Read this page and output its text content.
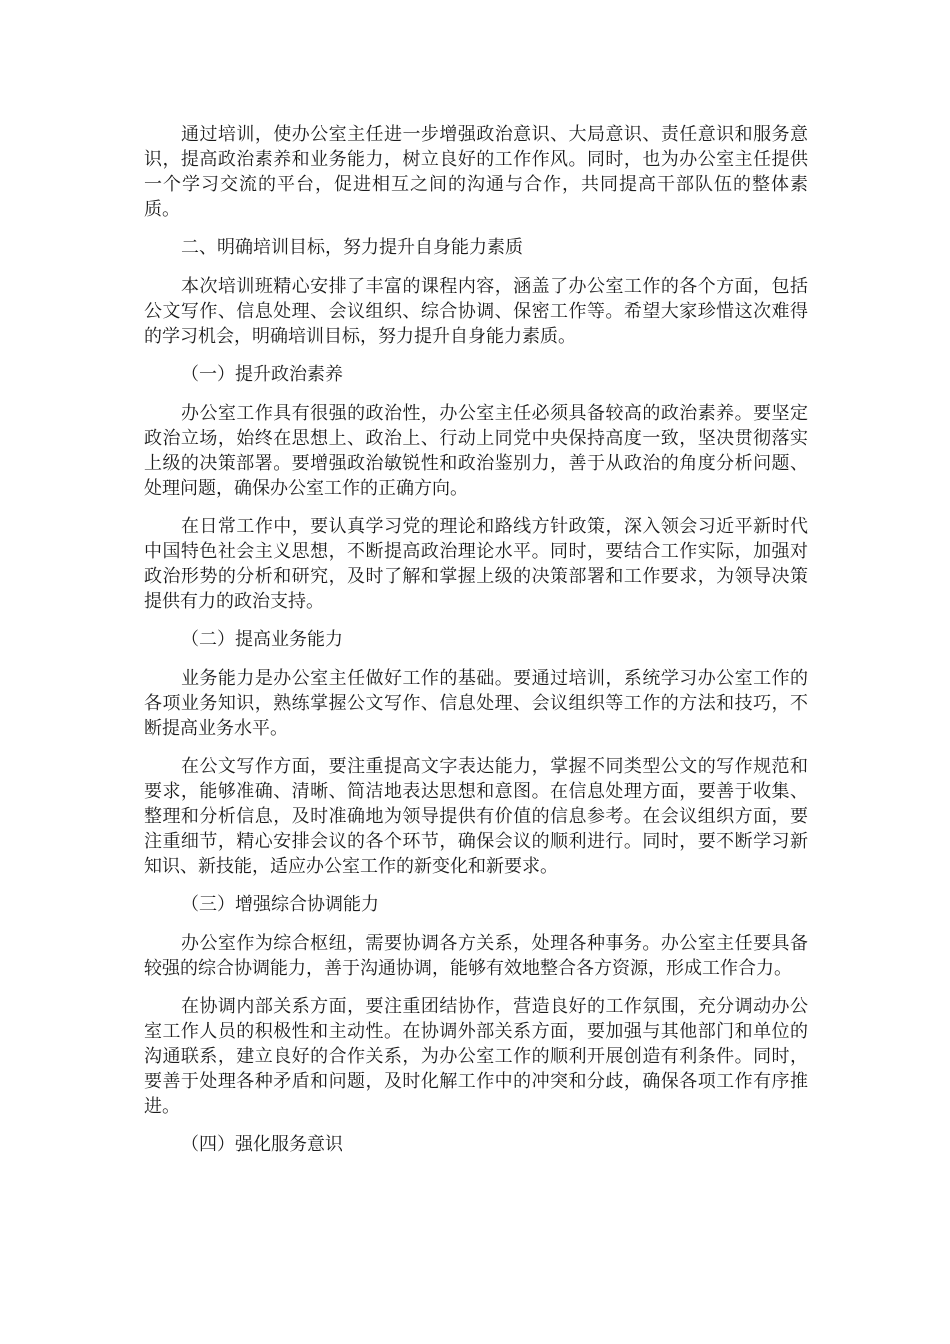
通过培训，使办公室主任进一步增强政治意识、大局意识、责任意识和服务意识，提高政治素养和业务能力，树立良好的工作作风。同时，也为办公室主任提供一个学习交流的平台，促进相互之间的沟通与合作，共同提高干部队伍的整体素质。

二、明确培训目标，努力提升自身能力素质

本次培训班精心安排了丰富的课程内容，涵盖了办公室工作的各个方面，包括公文写作、信息处理、会议组织、综合协调、保密工作等。希望大家珍惜这次难得的学习机会，明确培训目标，努力提升自身能力素质。

（一）提升政治素养

办公室工作具有很强的政治性，办公室主任必须具备较高的政治素养。要坚定政治立场，始终在思想上、政治上、行动上同党中央保持高度一致，坚决贯彻落实上级的决策部署。要增强政治敏锐性和政治鉴别力，善于从政治的角度分析问题、处理问题，确保办公室工作的正确方向。

在日常工作中，要认真学习党的理论和路线方针政策，深入领会习近平新时代中国特色社会主义思想，不断提高政治理论水平。同时，要结合工作实际，加强对政治形势的分析和研究，及时了解和掌握上级的决策部署和工作要求，为领导决策提供有力的政治支持。

（二）提高业务能力

业务能力是办公室主任做好工作的基础。要通过培训，系统学习办公室工作的各项业务知识，熟练掌握公文写作、信息处理、会议组织等工作的方法和技巧，不断提高业务水平。

在公文写作方面，要注重提高文字表达能力，掌握不同类型公文的写作规范和要求，能够准确、清晰、简洁地表达思想和意图。在信息处理方面，要善于收集、整理和分析信息，及时准确地为领导提供有价值的信息参考。在会议组织方面，要注重细节，精心安排会议的各个环节，确保会议的顺利进行。同时，要不断学习新知识、新技能，适应办公室工作的新变化和新要求。

（三）增强综合协调能力

办公室作为综合枢纽，需要协调各方关系，处理各种事务。办公室主任要具备较强的综合协调能力，善于沟通协调，能够有效地整合各方资源，形成工作合力。

在协调内部关系方面，要注重团结协作，营造良好的工作氛围，充分调动办公室工作人员的积极性和主动性。在协调外部关系方面，要加强与其他部门和单位的沟通联系，建立良好的合作关系，为办公室工作的顺利开展创造有利条件。同时，要善于处理各种矛盾和问题，及时化解工作中的冲突和分歧，确保各项工作有序推进。

（四）强化服务意识
